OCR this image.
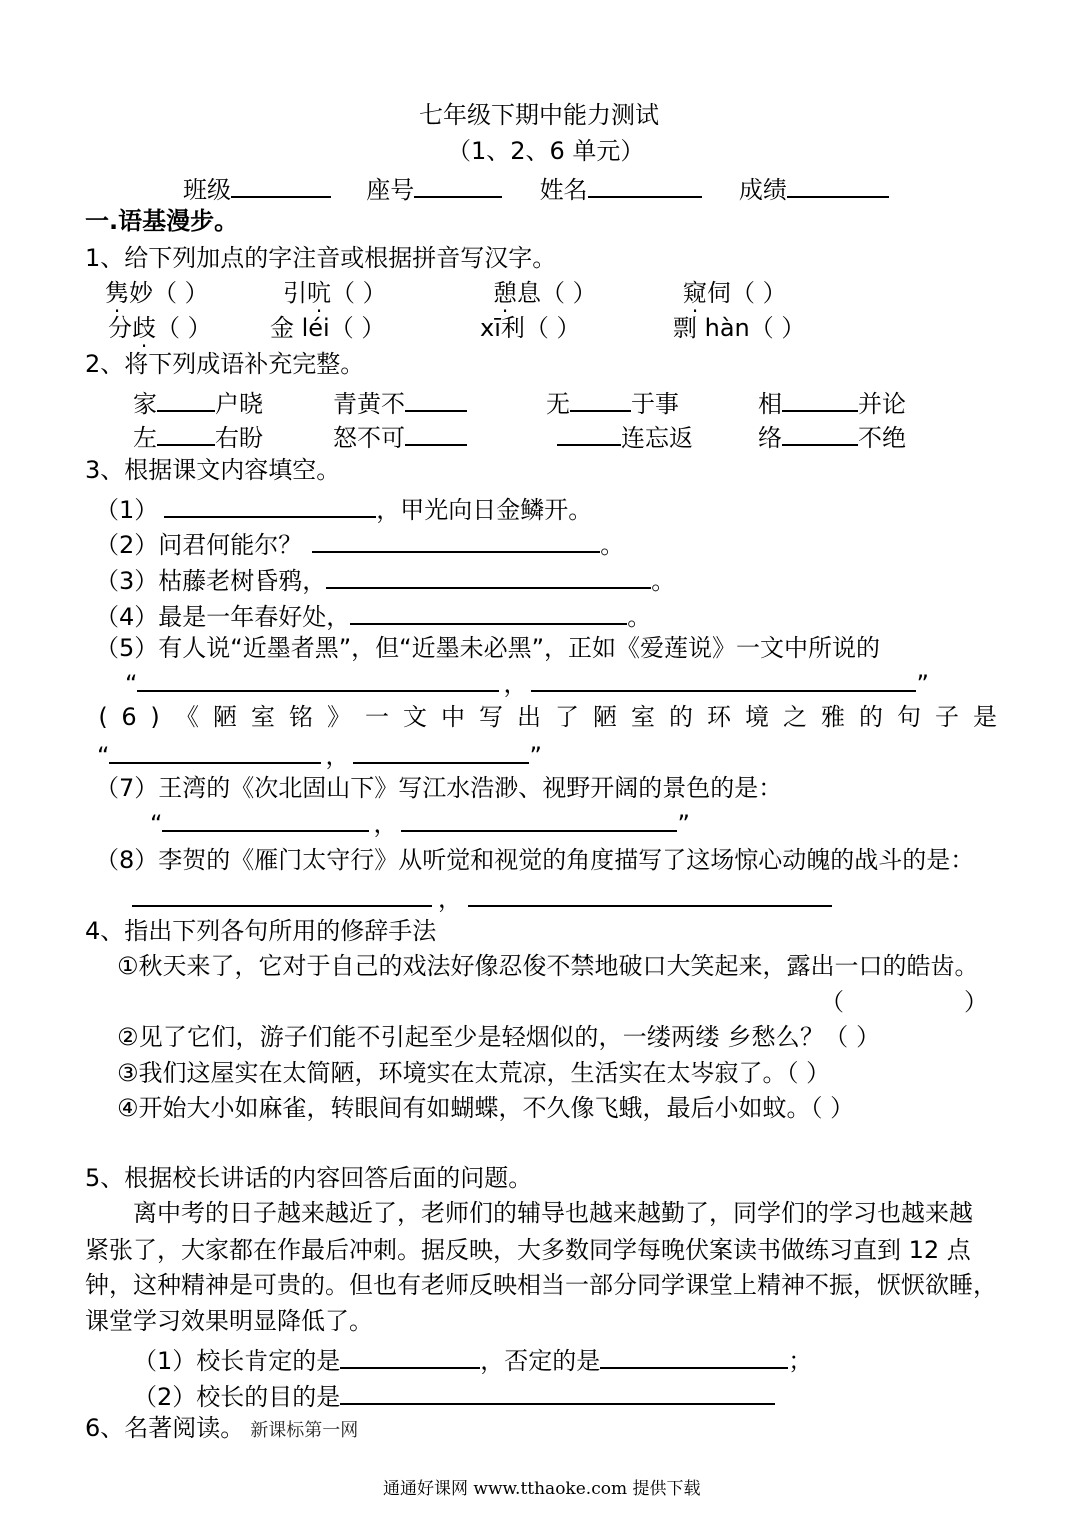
七年级下期中能力测试
（1、2、6 单元）
班级	座号	姓名	成绩
一.语基漫步。
1、给下列加点的字注音或根据拼音写汉字。
隽妙（ ）	引吭（ ）	憩息（ ）	窥伺（ ）
分歧（ ） 金 léi（ ）	xī利（ ）	剽 hàn（ ）
2、将下列成语补充完整。
家 户晓	青黄不	无	于事	相	并论
左 右盼	怒不可	连忘返	络	不绝
3、根据课文内容填空。
（1）	，甲光向日金鳞开。
（2）问君何能尔？	。
（3）枯藤老树昏鸦，	。
（4）最是一年春好处，	。
（5）有人说“近墨者黑”，但“近墨未必黑”，正如《爱莲说》一文中所说的
“	，	”
( 6 ) 《 陋 室 铭 》 一 文 中 写 出 了 陋 室 的 环 境 之 雅 的 句 子 是
“	，	”
（7）王湾的《次北固山下》写江水浩渺、视野开阔的景色的是：
“	，	”
（8）李贺的《雁门太守行》从听觉和视觉的角度描写了这场惊心动魄的战斗的是：
，
4、指出下列各句所用的修辞手法
①秋天来了，它对于自己的戏法好像忍俊不禁地破口大笑起来，露出一口的皓齿。
（	）
②见了它们，游子们能不引起至少是轻烟似的，一缕两缕 乡愁么？（ ）
③我们这屋实在太简陋，环境实在太荒凉，生活实在太岑寂了。（ ）
④开始大小如麻雀，转眼间有如蝴蝶，不久像飞蛾，最后小如蚊。（ ）
5、根据校长讲话的内容回答后面的问题。
离中考的日子越来越近了，老师们的辅导也越来越勤了，同学们的学习也越来越
紧张了，大家都在作最后冲刺。据反映，大多数同学每晚伏案读书做练习直到 12 点
钟，这种精神是可贵的。但也有老师反映相当一部分同学课堂上精神不振，恹恹欲睡，
课堂学习效果明显降低了。
（1）校长肯定的是	，否定的是	；
（2）校长的目的是
6、名著阅读。 新课标第一网
通通好课网 www.tthaoke.com 提供下载
